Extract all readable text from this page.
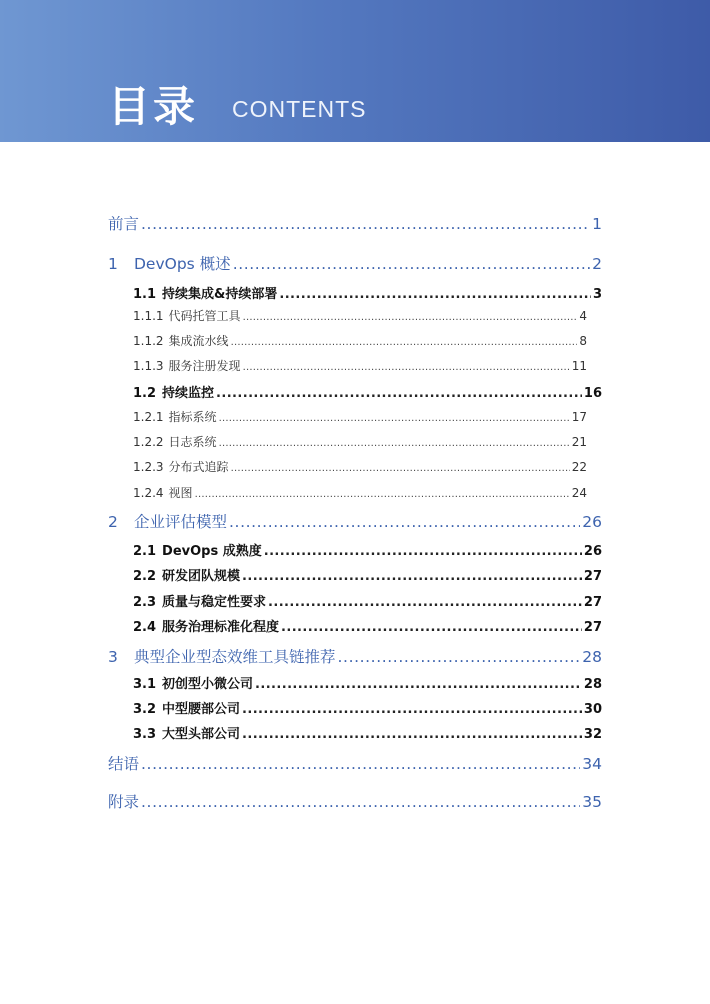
目录 CONTENTS
前言 .....	1
1	DevOps 概述 .....	2
1.1 持续集成&持续部署 .....	3
1.1.1 代码托管工具 .....	4
1.1.2 集成流水线 .....	8
1.1.3 服务注册发现 .....	11
1.2 持续监控 .....	16
1.2.1 指标系统 .....	17
1.2.2 日志系统 .....	21
1.2.3 分布式追踪 .....	22
1.2.4 视图 .....	24
2	企业评估模型 .....	26
2.1 DevOps 成熟度 .....	26
2.2 研发团队规模 .....	27
2.3 质量与稳定性要求 .....	27
2.4 服务治理标准化程度 .....	27
3	典型企业型态效维工具链推荐 .....	28
3.1 初创型小微公司 .....	28
3.2 中型腰部公司 .....	30
3.3 大型头部公司 .....	32
结语 .....	34
附录 .....	35
